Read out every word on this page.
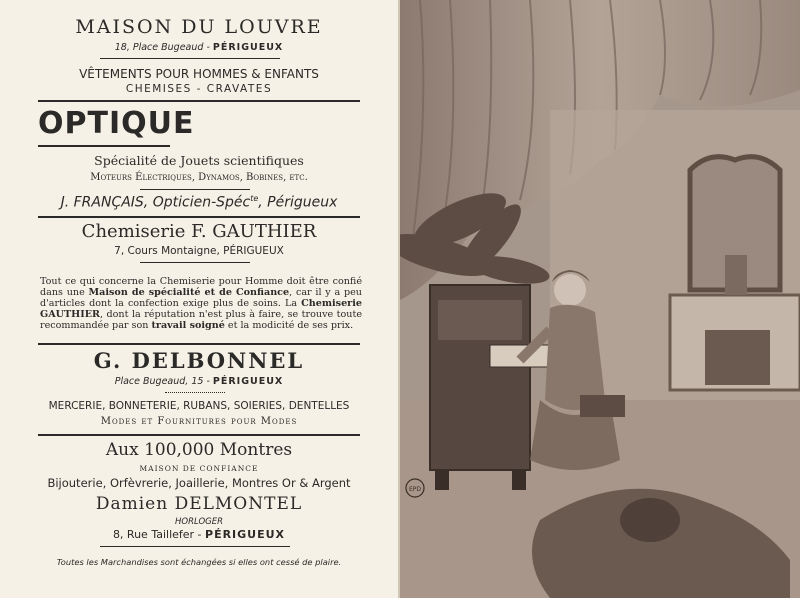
MAISON DU LOUVRE
18, Place Bugeaud - PÉRIGUEUX
VÊTEMENTS POUR HOMMES & ENFANTS
CHEMISES - CRAVATES
OPTIQUE
Spécialité de Jouets scientifiques
Moteurs Électriques, Dynamos, Bobines, etc.
J. FRANÇAIS, Opticien-Spéc$^{te}$, Périgueux
Chemiserie F. GAUTHIER
7, Cours Montaigne, PÉRIGUEUX
Tout ce qui concerne la Chemiserie pour Homme doit être confié dans une Maison de spécialité et de Confiance, car il y a peu d'articles dont la confection exige plus de soins. La Chemiserie GAUTHIER, dont la réputation n'est plus à faire, se trouve toute recommandée par son travail soigné et la modicité de ses prix.
G. DELBONNEL
Place Bugeaud, 15 - PÉRIGUEUX
MERCERIE, BONNETERIE, RUBANS, SOIERIES, DENTELLES
Modes et Fournitures pour Modes
Aux 100,000 Montres
MAISON DE CONFIANCE
Bijouterie, Orfèvrerie, Joaillerie, Montres Or & Argent
Damien DELMONTEL
HORLOGER
8, Rue Taillefer - PÉRIGUEUX
Toutes les Marchandises sont échangées si elles ont cessé de plaire.
EPD
